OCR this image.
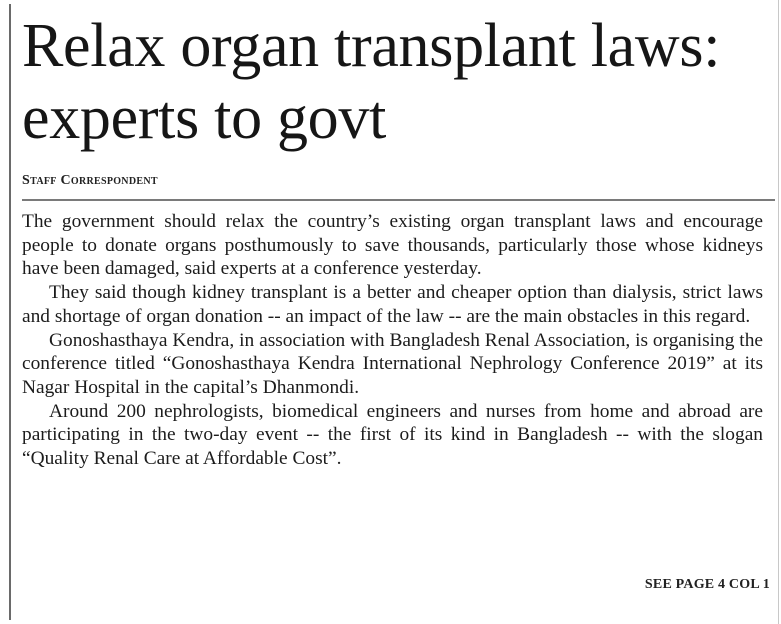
Relax organ transplant laws: experts to govt
Staff Correspondent

The government should relax the country’s existing organ transplant laws and encourage people to donate organs posthumously to save thousands, particularly those whose kidneys have been damaged, said experts at a conference yesterday.

They said though kidney transplant is a better and cheaper option than dialysis, strict laws and shortage of organ donation -- an impact of the law -- are the main obstacles in this regard.

Gonoshasthaya Kendra, in association with Bangladesh Renal Association, is organising the conference titled “Gonoshasthaya Kendra International Nephrology Conference 2019” at its Nagar Hospital in the capital’s Dhanmondi.

Around 200 nephrologists, biomedical engineers and nurses from home and abroad are participating in the two-day event -- the first of its kind in Bangladesh -- with the slogan “Quality Renal Care at Affordable Cost”.

SEE PAGE 4 COL 1
